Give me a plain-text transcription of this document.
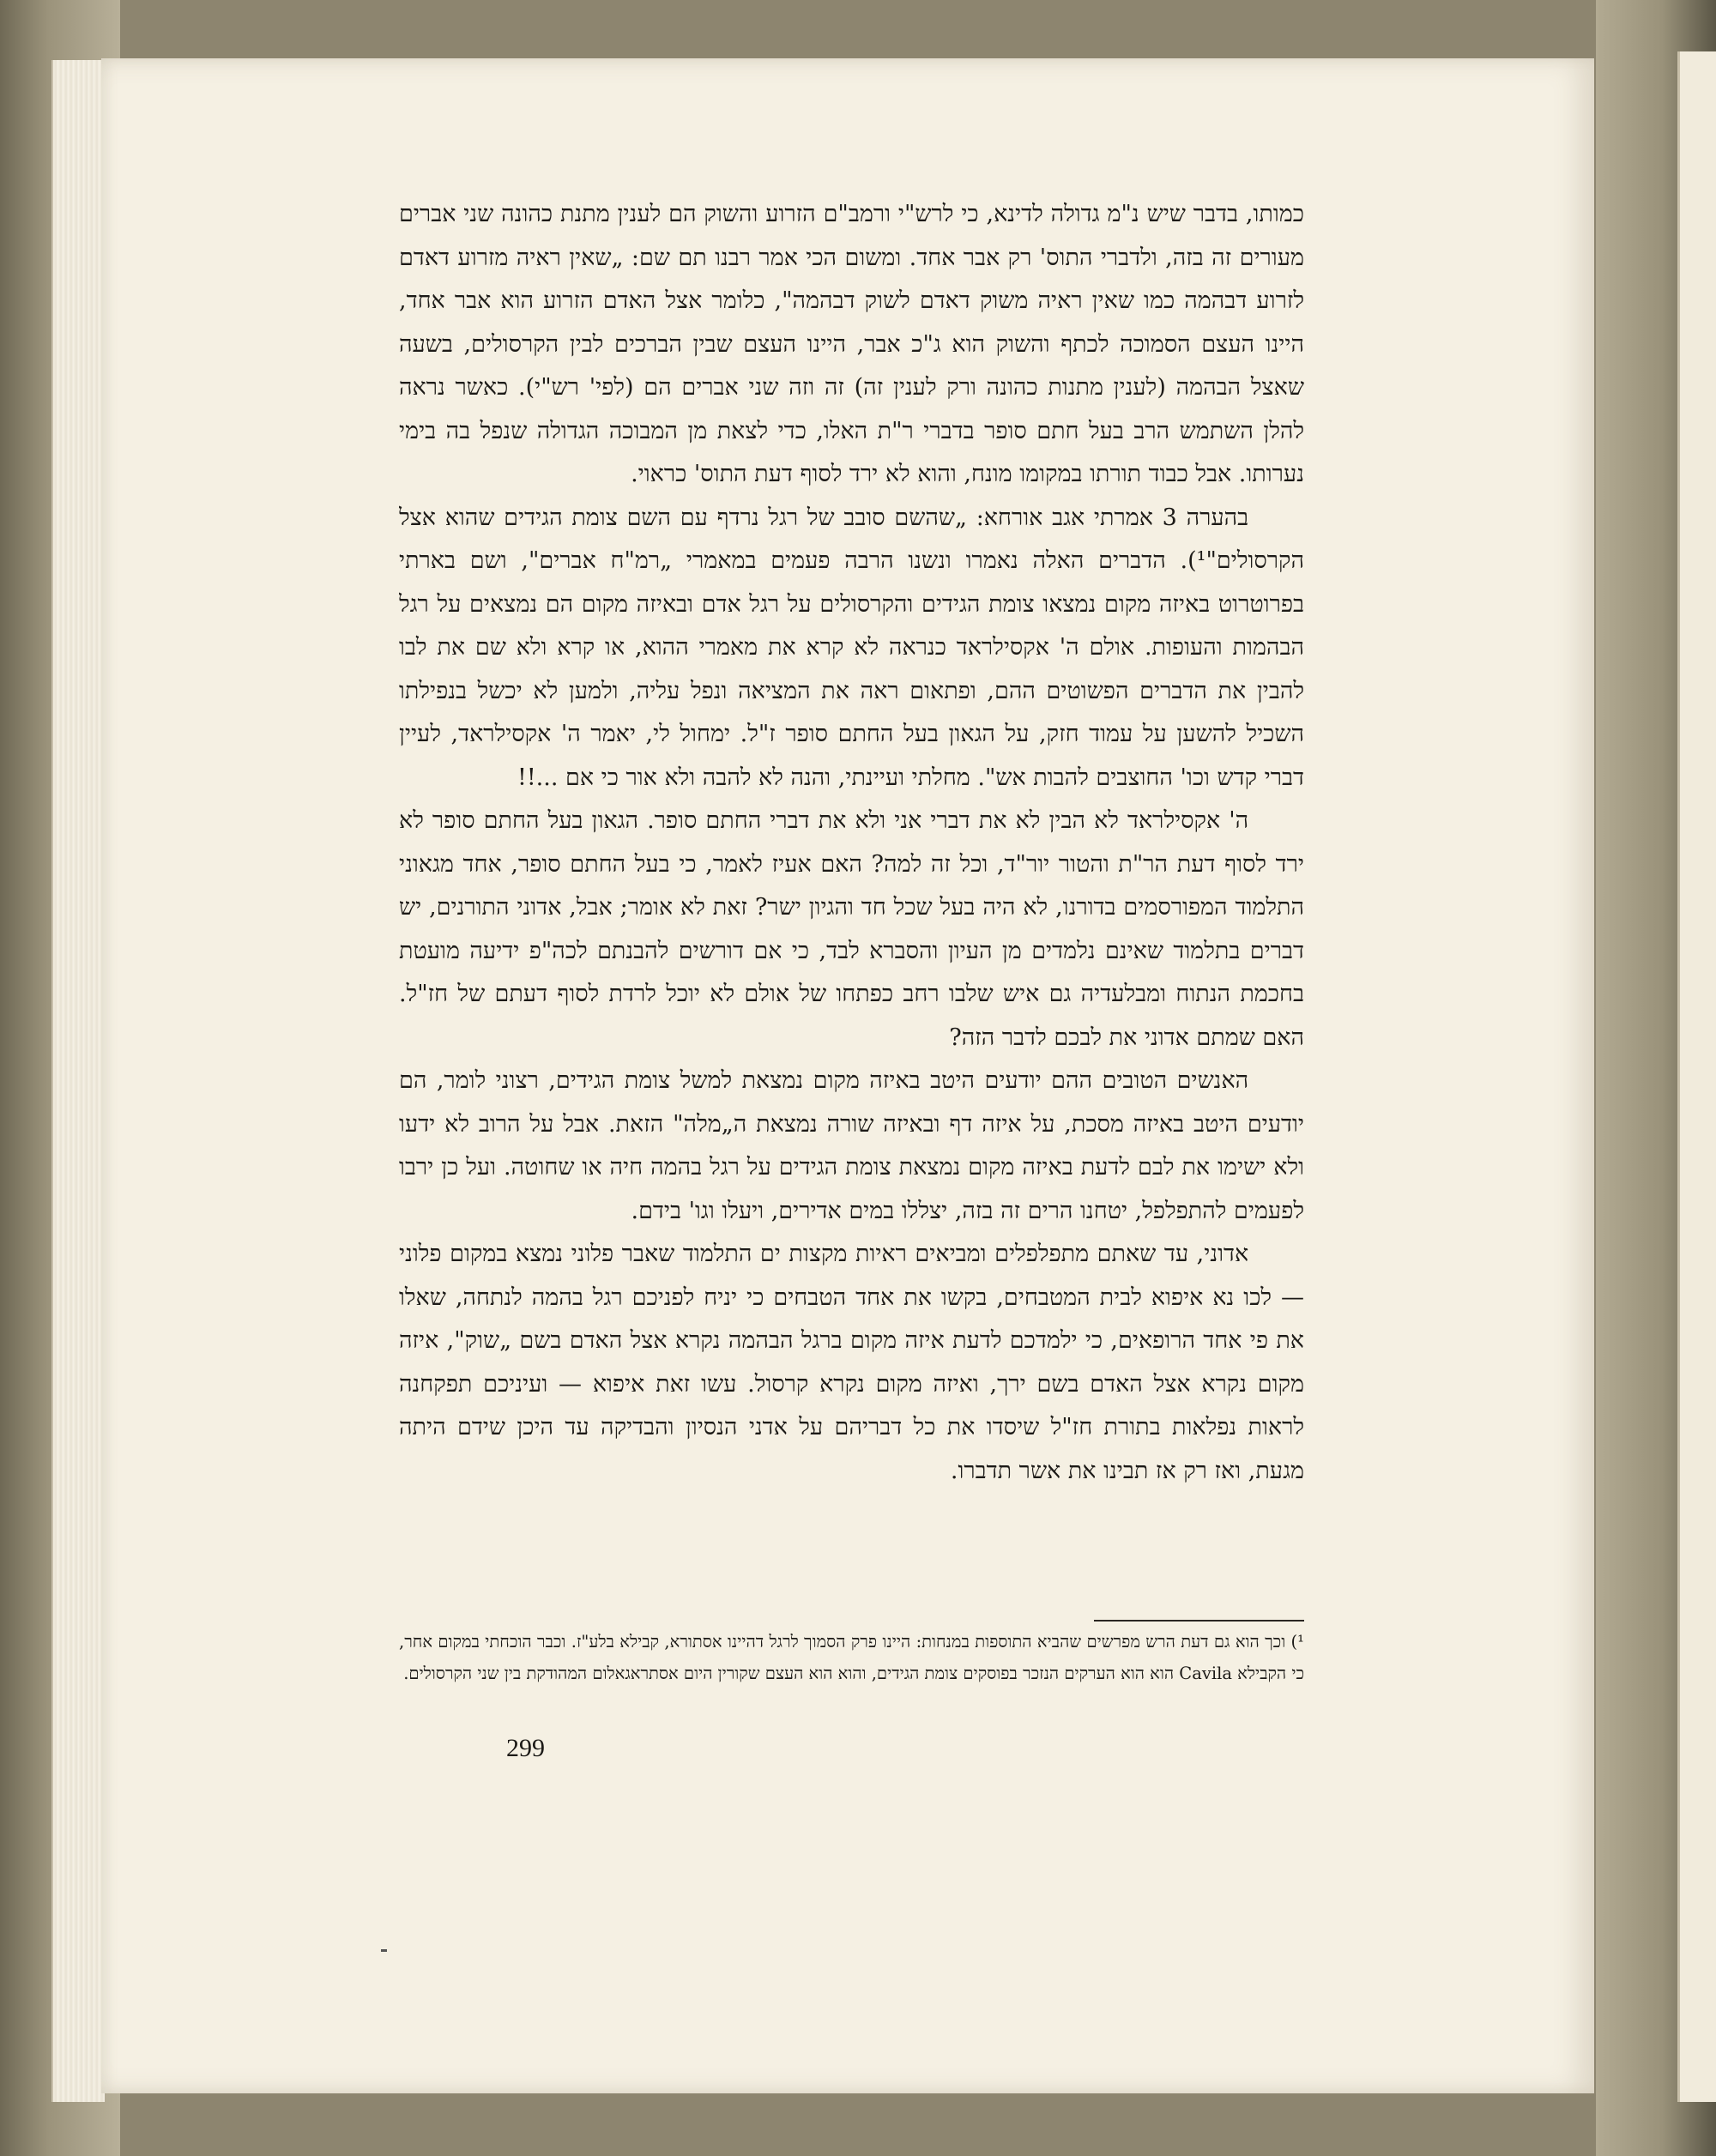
כמותו, בדבר שיש נ"מ גדולה לדינא, כי לרש"י ורמב"ם הזרוע והשוק הם לענין מתנת כהונה שני אברים מעורים זה בזה, ולדברי התוס' רק אבר אחד. ומשום הכי אמר רבנו תם שם: „שאין ראיה מזרוע דאדם לזרוע דבהמה כמו שאין ראיה משוק דאדם לשוק דבהמה", כלומר אצל האדם הזרוע הוא אבר אחד, היינו העצם הסמוכה לכתף והשוק הוא ג"כ אבר, היינו העצם שבין הברכים לבין הקרסולים, בשעה שאצל הבהמה (לענין מתנות כהונה ורק לענין זה) זה וזה שני אברים הם (לפי' רש"י). כאשר נראה להלן השתמש הרב בעל חתם סופר בדברי ר"ת האלו, כדי לצאת מן המבוכה הגדולה שנפל בה בימי נערותו. אבל כבוד תורתו במקומו מונח, והוא לא ירד לסוף דעת התוס' כראוי.

בהערה 3 אמרתי אגב אורחא: „שהשם סובב של רגל נרדף עם השם צומת הגידים שהוא אצל הקרסולים"¹). הדברים האלה נאמרו ונשנו הרבה פעמים במאמרי „רמ"ח אברים", ושם בארתי בפרוטרוט באיזה מקום נמצאו צומת הגידים והקרסולים על רגל אדם ובאיזה מקום הם נמצאים על רגל הבהמות והעופות. אולם ה' אקסילראד כנראה לא קרא את מאמרי ההוא, או קרא ולא שם את לבו להבין את הדברים הפשוטים ההם, ופתאום ראה את המציאה ונפל עליה, ולמען לא יכשל בנפילתו השכיל להשען על עמוד חזק, על הגאון בעל החתם סופר ז"ל. ימחול לי, יאמר ה' אקסילראד, לעיין דברי קדש וכו' החוצבים להבות אש". מחלתי ועיינתי, והנה לא להבה ולא אור כי אם ...!!

ה' אקסילראד לא הבין לא את דברי אני ולא את דברי החתם סופר. הגאון בעל החתם סופר לא ירד לסוף דעת הר"ת והטור יור"ד, וכל זה למה? האם אעיז לאמר, כי בעל החתם סופר, אחד מגאוני התלמוד המפורסמים בדורנו, לא היה בעל שכל חד והגיון ישר? זאת לא אומר; אבל, אדוני התורנים, יש דברים בתלמוד שאינם נלמדים מן העיון והסברא לבד, כי אם דורשים להבנתם לכה"פ ידיעה מועטת בחכמת הנתוח ומבלעדיה גם איש שלבו רחב כפתחו של אולם לא יוכל לרדת לסוף דעתם של חז"ל. האם שמתם אדוני את לבכם לדבר הזה?

האנשים הטובים ההם יודעים היטב באיזה מקום נמצאת למשל צומת הגידים, רצוני לומר, הם יודעים היטב באיזה מסכת, על איזה דף ובאיזה שורה נמצאת ה„מלה" הזאת. אבל על הרוב לא ידעו ולא ישימו את לבם לדעת באיזה מקום נמצאת צומת הגידים על רגל בהמה חיה או שחוטה. ועל כן ירבו לפעמים להתפלפל, יטחנו הרים זה בזה, יצללו במים אדירים, ויעלו וגו' בידם.

אדוני, עד שאתם מתפלפלים ומביאים ראיות מקצות ים התלמוד שאבר פלוני נמצא במקום פלוני — לכו נא איפוא לבית המטבחים, בקשו את אחד הטבחים כי יניח לפניכם רגל בהמה לנתחה, שאלו את פי אחד הרופאים, כי ילמדכם לדעת איזה מקום ברגל הבהמה נקרא אצל האדם בשם „שוק", איזה מקום נקרא אצל האדם בשם ירך, ואיזה מקום נקרא קרסול. עשו זאת איפוא — ועיניכם תפקחנה לראות נפלאות בתורת חז"ל שיסדו את כל דבריהם על אדני הנסיון והבדיקה עד היכן שידם היתה מגעת, ואז רק אז תבינו את אשר תדברו.

¹) וכך הוא גם דעת הרש מפרשים שהביא התוספות במנחות: היינו פרק הסמוך לרגל דהיינו אסתורא, קבילא בלע"ז. וכבר הוכחתי במקום אחר, כי הקבילא Cavila הוא הוא הערקים הנזכר בפוסקים צומת הגידים, והוא הוא העצם שקורין היום אסתראגאלום המהודקת בין שני הקרסולים.

299
